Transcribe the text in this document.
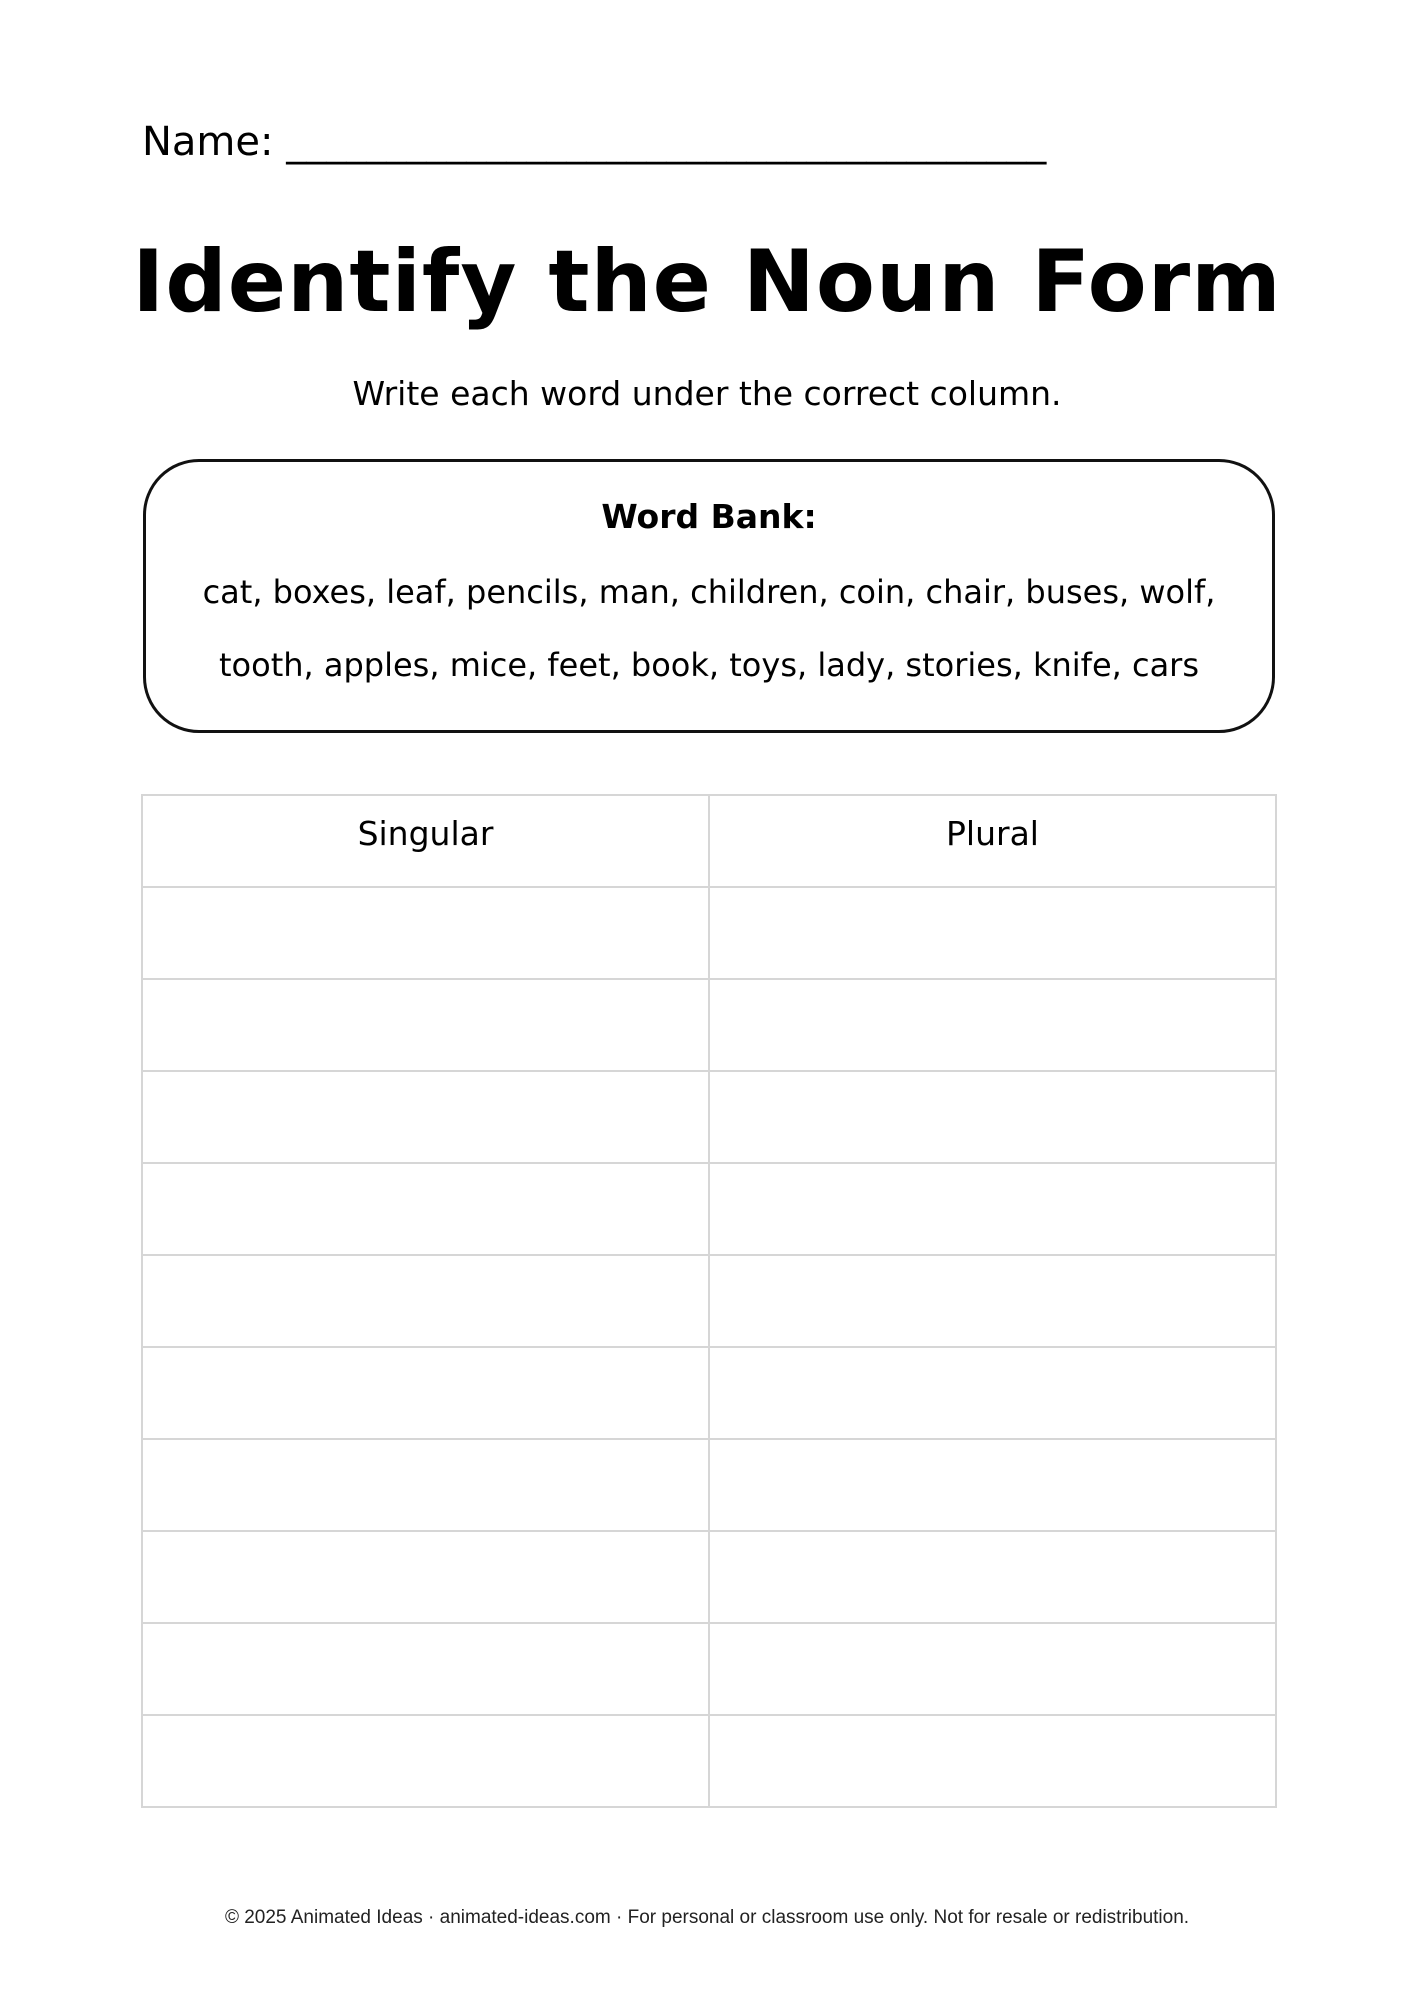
Name: ______________________________________
Identify the Noun Form
Write each word under the correct column.
Word Bank:
cat, boxes, leaf, pencils, man, children, coin, chair, buses, wolf,
tooth, apples, mice, feet, book, toys, lady, stories, knife, cars
Singular	Plural

© 2025 Animated Ideas · animated-ideas.com · For personal or classroom use only. Not for resale or redistribution.
